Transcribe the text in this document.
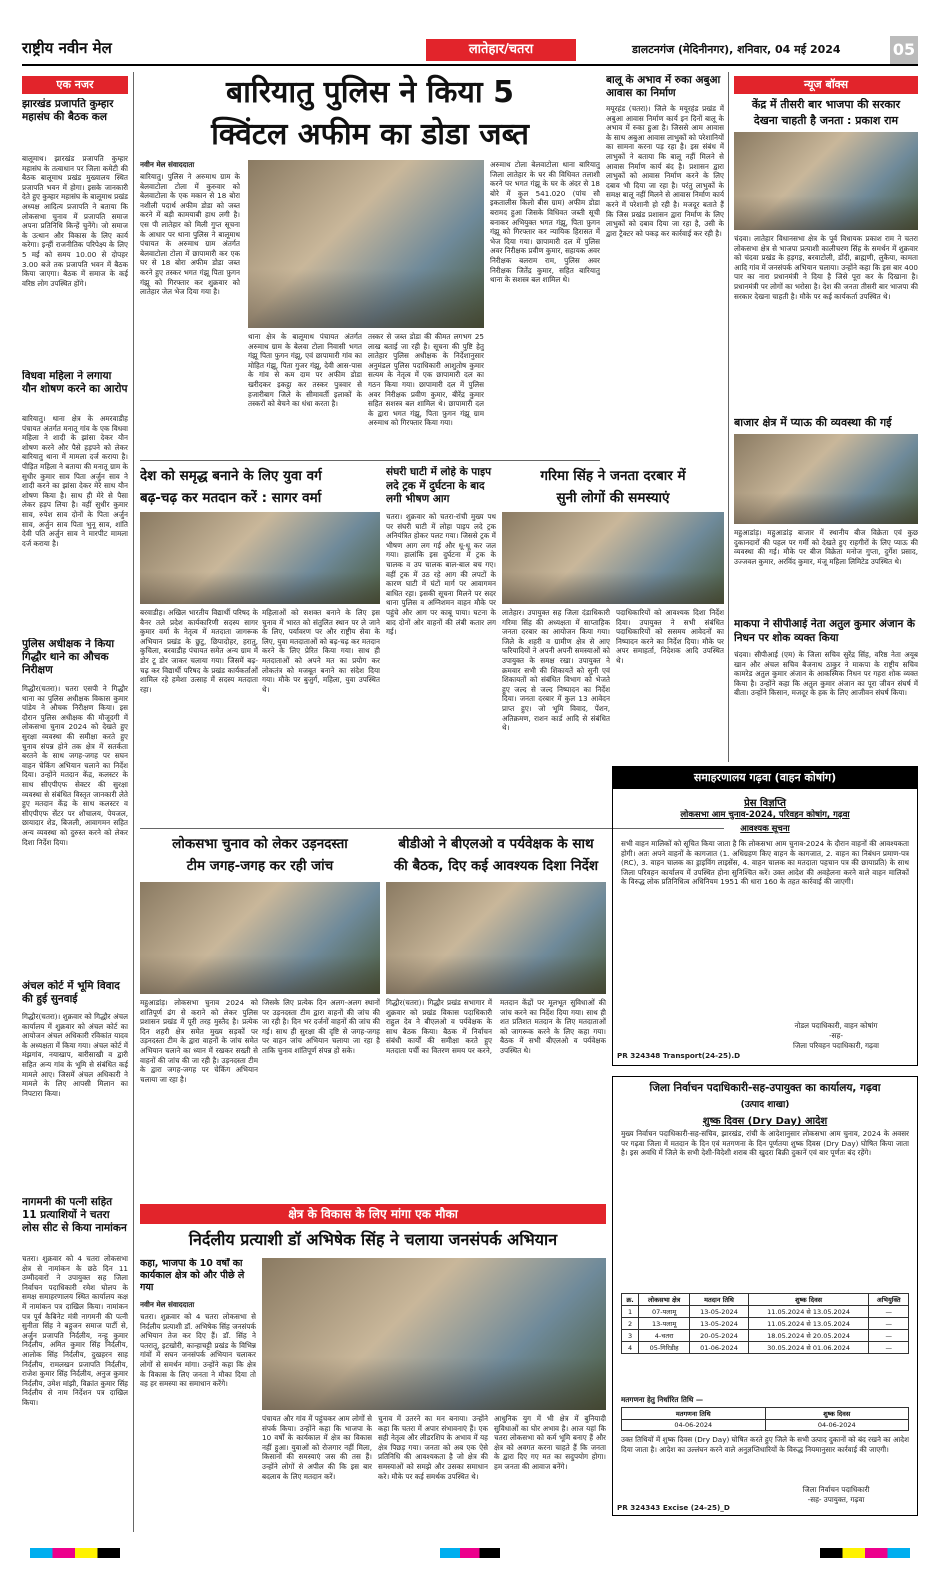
राष्ट्रीय नवीन मेल	लातेहार/चतरा	डालटनगंज (मेदिनीनगर), शनिवार, 04 मई 2024	05
एक नजर
झारखंड प्रजापति कुम्हार महासंघ की बैठक कल
बालूमाथ। झारखंड प्रजापति कुम्हार महासंघ के तत्वाधान पर जिला कमेटी की बैठक बालूमाथ प्रखंड मुख्यालय स्थित प्रजापति भवन में होगा। इसके जानकारी देते हुए कुम्हार महासंघ के बालूमाथ प्रखंड अध्यक्ष आदित्य प्रजापति ने बताया कि लोकसभा चुनाव में प्रजापति समाज अपना प्रतिनिधि किन्हें चुनेंगे। जो समाज के उत्थान और विकास के लिए कार्य करेगा। इन्हीं राजनीतिक परिपेक्ष्य के लिए 5 मई को समय 10.00 से दोपहर 3.00 बजे तक प्रजापति भवन में बैठक किया जाएगा। बैठक में समाज के कई वरिष्ठ लोग उपस्थित होंगे।
विधवा महिला ने लगाया यौन शोषण करने का आरोप
बारियातु। थाना क्षेत्र के अमरवाडीह पंचायत अंतर्गत मनातू गांव के एक विधवा महिला ने शादी के झांसा देकर यौन शोषण करने और पैसे हड़पने को लेकर बारियातु थाना में मामला दर्ज कराया है। पीड़ित महिला ने बताया की मनातू ग्राम के सुधीर कुमार साव पिता अर्जुन साव ने शादी करने का झांसा देकर मेरे साथ यौन शोषण किया है। साथ ही मेरे से पैसा लेकर हड़प लिया है। वहीं सुधीर कुमार साव, रुपेश साव दोनों के पिता अर्जुन साव, अर्जुन साव पिता भुनू साव, शांति देवी पति अर्जुन साव ने मारपीट मामला दर्ज कराया है।
पुलिस अधीक्षक ने किया गिद्धौर थाने का औचक निरीक्षण
गिद्धौर(चतरा)। चतरा एसपी ने गिद्धौर थाना का पुलिस अधीक्षक विकास कुमार पांडेय ने औचक निरीक्षण किया। इस दौरान पुलिस अधीक्षक की मौजूदगी में लोकसभा चुनाव 2024 को देखते हुए सुरक्षा व्यवस्था की समीक्षा करते हुए चुनाव संपन्न होने तक क्षेत्र में सतर्कता बरतने के साथ जगह-जगह पर सघन वाहन चेकिंग अभियान चलाने का निर्देश दिया। उन्होंने मतदान केंद्र, कलस्टर के साथ सीएपीएफ सेक्टर की सुरक्षा व्यवस्था से संबंधित विस्तृत जानकारी लेते हुए मतदान केंद्र के साथ कलस्टर व सीएपीएफ सेंटर पर शौचालय, पेयजल, छायादार शेड, बिजली, आवागमन सहित अन्य व्यवस्था को दुरुस्त करने को लेकर दिशा निर्देश दिया।
अंचल कोर्ट में भूमि विवाद की हुई सुनवाई
गिद्धौर(चतरा)। शुक्रवार को गिद्धौर अंचल कार्यालय में शुक्रवार को अंचल कोर्ट का आयोजन अंचल अधिकारी रविकांत यादव के अध्यक्षता में किया गया। अंचल कोर्ट में मंझगांव, नयाखाप, बारीसाखी व द्वारी सहित अन्य गांव के भूमि से संबंधित कई मामले आए। जिसमें अंचल अधिकारी ने मामले के लिए आपसी मिलान का निपटारा किया।
नागमनी की पत्नी सहित 11 प्रत्याशियों ने चतरा लोस सीट से किया नामांकन
चतरा। शुक्रवार को 4 चतरा लोकसभा क्षेत्र से नामांकन के छठे दिन 11 उम्मीदवारों ने उपायुक्त सह जिला निर्वाचन पदाधिकारी रमेश घोलप के समक्ष समाहरणालय स्थित कार्यालय कक्ष में नामांकन पत्र दाखिल किया। नामांकन पत्र पूर्व कैबिनेट मंत्री नागमनी की पत्नी सुनीता सिंह ने बहुजन समाज पार्टी से, अर्जुन प्रजापति निर्दलीय, नन्हू कुमार निर्दलीय, अमित कुमार सिंह निर्दलीय, आलोक सिंह निर्दलीय, दुखहरन साह निर्दलीय, रामलखन प्रजापति निर्दलीय, राजेश कुमार सिंह निर्दलीय, अनुज कुमार निर्दलीय, उमेश मांझी, विक्रांत कुमार सिंह निर्दलीय से नाम निर्देशन पत्र दाखिल किया।
बारियातु पुलिस ने किया 5
क्विंटल अफीम का डोडा जब्त
नवीन मेल संवाददाता
बारियातु। पुलिस ने अरुमाथ ग्राम के बेलवाटोला टोला में कुरुवार को बेलवाटोला के एक मकान से 18 बोरा नशीली पदार्थ अफीम डोडा को जब्त करने में बड़ी कामयाबी हाथ लगी है। एस पी लातेहार को मिली गुप्त सूचना के आधार पर थाना पुलिस ने बालूमाथ पंचायत के अरुमाथ ग्राम अंतर्गत बेलवाटोला टोला में छापामारी कर एक घर से 18 बोरा अफीम डोडा जब्त करने हुए तस्कर भगत गंझू पिता फ़ुगन गंझू को गिरफ्तार कर शुक्रवार को लातेहार जेल भेज दिया गया है।
थाना क्षेत्र के बालूमाथ पंचायत अंतर्गत अरुमाथ ग्राम के बेलवा टोला निवासी भगत गंझू पिता फुगन गंझू, एवं छापामारी गांव का मोहित गंझू, पिता गुजर गंझू, देवी आस-पास के गांव से कम दाम पर अफीम डोडा खरीदकर इकट्ठा कर तस्कर पुत्रवार से हजारीबाग जिले के सीमावर्ती इलाकों के तस्करों को बेचने का धंधा करता है।
तस्कर से जब्त डोडा की कीमत लगभग 25 लाख बताई जा रही है। सूचना की पुष्टि हेतु लातेहार पुलिस अधीक्षक के निर्देशानुसार अनुमंडल पुलिस पदाधिकारी आशुतोष कुमार सत्यम के नेतृत्व में एक छापामारी दल का गठन किया गया। छापामारी दल में पुलिस अवर निरीक्षक प्रवीण कुमार, बीरेंद्र कुमार सहित सशस्त्र बल शामिल थे। छापामारी दल के द्वारा भगत गंझू, पिता फ़ुगन गंझू ग्राम अरुमाथ को गिरफ्तार किया गया।
अरुमाथ टोला बेलवाटोला थाना बारियातु जिला लातेहार के घर की विधिवत तलाशी करने पर भगत गंझू के घर के अंदर से 18 बोरे में कुल 541.020 (पांच सौ इकतालीस किलो बीस ग्राम) अफीम डोडा बरामद हुआ जिसके विधिवत जब्ती सूची बनाकर अभियुक्त भगत गंझू, पिता फ़ुगन गंझू को गिरफ्तार कर न्यायिक हिरासत में भेज दिया गया। छापामारी दल में पुलिस अवर निरीक्षक प्रवीण कुमार, सहायक अवर निरीक्षक बलराम राम, पुलिस अवर निरीक्षक जितेंद्र कुमार, सहित बारियातु थाना के सशस्त्र बल शामिल थे।
बालू के अभाव में रुका अबुआ आवास का निर्माण
मयूरहंड (चतरा)। जिले के मयूरहंड प्रखंड में अबुआ आवास निर्माण कार्य इन दिनों बालू के अभाव में रुका हुआ है। जिससे आम आवास के साथ अबुआ आवास लाभुकों को परेशानियों का सामना करना पड़ रहा है। इस संबंध में लाभुकों ने बताया कि बालू नहीं मिलने से आवास निर्माण कार्य बंद है। प्रशासन द्वारा लाभुकों को आवास निर्माण करने के लिए दबाव भी दिया जा रहा है। परंतु लाभुकों के समक्ष बालू नहीं मिलने से आवास निर्माण कार्य करने में परेशानी हो रही है। मजदूर बताते हैं कि जिस प्रखंड प्रशासन द्वारा निर्माण के लिए लाभुकों को दबाव दिया जा रहा है, उसी के द्वारा ट्रैक्टर को पकड़ कर कार्रवाई कर रही है।
देश को समृद्ध बनाने के लिए युवा वर्ग
बढ़-चढ़ कर मतदान करें : सागर वर्मा
बरवाडीह। अखिल भारतीय विद्यार्थी परिषद के बैनर तले प्रदेश कार्यकारिणी सदस्य सागर कुमार वर्मा के नेतृत्व में मतदाता जागरूक अभियान प्रखंड के छुटु, छिपादोहर, हरातु, कुचिला, बरवाडीह पंचायत समेत अन्य ग्राम में डोर टू डोर जाकर चलाया गया। जिसमें बढ़-चढ़ कर विद्यार्थी परिषद के प्रखंड कार्यकर्ताओं शामिल रहे हमेशा उत्साह में सदस्य मतदाता रहा।
महिलाओं को सशक्त बनाने के लिए इस चुनाव में भारत को संतुलित स्थान पर ले जाने के लिए, पर्यावरण पर और राष्ट्रीय सेवा के लिए, युवा मतदाताओं को बढ़-चढ़ कर मतदान करने के लिए प्रेरित किया गया। साथ ही मतदाताओं को अपने मत का प्रयोग कर लोकतंत्र को मजबूत बनाने का संदेश दिया गया। मौके पर बुजुर्ग, महिला, युवा उपस्थित थे।
संघरी घाटी में लोहे के पाइप लदे ट्रक में दुर्घटना के बाद लगी भीषण आग
चतरा। शुक्रवार को चतरा-रांची मुख्य पथ पर संघरी घाटी में लोहा पाइप लदे ट्रक अनियंत्रित होकर पलट गया। जिससे ट्रक में भीषण आग लग गई और धू-धू कर जल गया। हालांकि इस दुर्घटना में ट्रक के चालक व उप चालक बाल-बाल बच गए। वहीं ट्रक में उठ रहे आग की लपटों के कारण घाटी में घंटों मार्ग पर आवागमन बाधित रहा। इसकी सूचना मिलने पर सदर थाना पुलिस व अग्निशमन वाहन मौके पर पहुंचे और आग पर काबू पाया। घटना के बाद दोनों ओर वाहनों की लंबी कतार लग गई।
गरिमा सिंह ने जनता दरबार में
सुनी लोगों की समस्याएं
लातेहार। उपायुक्त सह जिला दंडाधिकारी गरिमा सिंह की अध्यक्षता में साप्ताहिक जनता दरबार का आयोजन किया गया। जिले के शहरी व ग्रामीण क्षेत्र से आए फरियादियों ने अपनी अपनी समस्याओं को उपायुक्त के समक्ष रखा। उपायुक्त ने क्रमवार सभी की शिकायतें को सुनी एवं शिकायतों को संबंधित विभाग को भेजते हुए जल्द से जल्द निष्पादन का निर्देश दिया। जनता दरबार में कुल 13 आवेदन प्राप्त हुए। जो भूमि विवाद, पेंशन, अतिक्रमण, राशन कार्ड आदि से संबंधित थे।
पदाधिकारियों को आवश्यक दिशा निर्देश दिया। उपायुक्त ने सभी संबंधित पदाधिकारियों को ससमय आवेदनों का निष्पादन करने का निर्देश दिया। मौके पर अपर समाहर्ता, निदेशक आदि उपस्थित थे।
लोकसभा चुनाव को लेकर उड़नदस्ता
टीम जगह-जगह कर रही जांच
महुआडांड़। लोकसभा चुनाव 2024 को शांतिपूर्ण ढंग से कराने को लेकर पुलिस प्रशासन प्रखंड में पूरी तरह मुस्तैद है। प्रत्येक दिन शहरी क्षेत्र समेत मुख्य सड़कों पर उड़नदस्ता टीम के द्वारा वाहनों के जांच समेत अभियान चलाने का ध्यान में रखकर सख्ती से वाहनों की जांच की जा रही है। उड़नदस्ता टीम के द्वारा जगह-जगह पर चेकिंग अभियान चलाया जा रहा है।
जिसके लिए प्रत्येक दिन अलग-अलग स्थानों पर उड़नदस्ता टीम द्वारा वाहनों की जांच की जा रही है। दिन भर दर्जनों वाहनों की जांच की गई। साथ ही सुरक्षा की दृष्टि से जगह-जगह पर वाहन जांच अभियान चलाया जा रहा है ताकि चुनाव शांतिपूर्ण संपन्न हो सके।
बीडीओ ने बीएलओ व पर्यवेक्षक के साथ
की बैठक, दिए कई आवश्यक दिशा निर्देश
गिद्धौर(चतरा)। गिद्धौर प्रखंड सभागार में शुक्रवार को प्रखंड विकास पदाधिकारी राहुल देव ने बीएलओ व पर्यवेक्षक के साथ बैठक किया। बैठक में निर्वाचन संबंधी कार्यों की समीक्षा करते हुए मतदाता पर्ची का वितरण समय पर करने, मतदान केंद्रों पर मूलभूत सुविधाओं की जांच करने का निर्देश दिया गया। साथ ही शत प्रतिशत मतदान के लिए मतदाताओं को जागरूक करने के लिए कहा गया। बैठक में सभी बीएलओ व पर्यवेक्षक उपस्थित थे।
न्यूज बॉक्स
केंद्र में तीसरी बार भाजपा की सरकार
देखना चाहती है जनता : प्रकाश राम
चंदवा। लातेहार विधानसभा क्षेत्र के पूर्व विधायक प्रकाश राम ने चतरा लोकसभा क्षेत्र से भाजपा प्रत्याशी कालीचरण सिंह के समर्थन में शुक्रवार को चंदवा प्रखंड के हड़गड़, बरवाटोली, डोंदी, ब्राह्मणी, लुकैया, कामता आदि गांव में जनसंपर्क अभियान चलाया। उन्होंने कहा कि इस बार 400 पार का नारा प्रधानमंत्री ने दिया है जिसे पूरा कर के दिखाना है। प्रधानमंत्री पर लोगों का भरोसा है। देश की जनता तीसरी बार भाजपा की सरकार देखना चाहती है। मौके पर कई कार्यकर्ता उपस्थित थे।
बाजार क्षेत्र में प्याऊ की व्यवस्था की गई
महुआडांड़। महुआडांड़ बाजार में स्थानीय बीज विक्रेता एवं कुछ दुकानदारों की पहल पर गर्मी को देखते हुए राहगीरों के लिए प्याऊ की व्यवस्था की गई। मौके पर बीज विक्रेता मनोज गुप्ता, दुर्गेश प्रसाद, उज्जवल कुमार, अरविंद कुमार, मंजू महिला लिमिटेड उपस्थित थे।
माकपा ने सीपीआई नेता अतुल कुमार अंजान के निधन पर शोक व्यक्त किया
चंदवा। सीपीआई (एम) के जिला सचिव सुरेंद्र सिंह, वरिष्ठ नेता अयूब खान और अंचल सचिव बैजनाथ ठाकुर ने माकपा के राष्ट्रीय सचिव कामरेड अतुल कुमार अंजान के आकस्मिक निधन पर गहरा शोक व्यक्त किया है। उन्होंने कहा कि अतुल कुमार अंजान का पूरा जीवन संघर्ष में बीता। उन्होंने किसान, मजदूर के हक के लिए आजीवन संघर्ष किया।
समाहरणालय गढ़वा (वाहन कोषांग)
प्रेस विज्ञप्ति
लोकसभा आम चुनाव-2024, परिवहन कोषांग, गढ़वा
आवश्यक सूचना
सभी वाहन मालिकों को सूचित किया जाता है कि लोकसभा आम चुनाव-2024 के दौरान वाहनों की आवश्यकता होगी। अतः अपने वाहनों के कागजात (1. अधिग्रहण किए वाहन के कागजात, 2. वाहन का निबंधन प्रमाण-पत्र (RC), 3. वाहन चालक का ड्राइविंग लाइसेंस, 4. वाहन चालक का मतदाता पहचान पत्र की छायाप्रति) के साथ जिला परिवहन कार्यालय में उपस्थित होना सुनिश्चित करें। उक्त आदेश की अवहेलना करने वाले वाहन मालिकों के विरुद्ध लोक प्रतिनिधित्व अधिनियम 1951 की धारा 160 के तहत कार्रवाई की जाएगी।
नोडल पदाधिकारी, वाहन कोषांग
-सह-
जिला परिवहन पदाधिकारी, गढ़वा
PR 324348 Transport(24-25).D
जिला निर्वाचन पदाधिकारी-सह-उपायुक्त का कार्यालय, गढ़वा
(उत्पाद शाखा)
शुष्क दिवस (Dry Day) आदेश
मुख्य निर्वाचन पदाधिकारी-सह-सचिव, झारखंड, रांची के आदेशानुसार लोकसभा आम चुनाव, 2024 के अवसर पर गढ़वा जिला में मतदान के दिन एवं मतगणना के दिन पूर्णतया शुष्क दिवस (Dry Day) घोषित किया जाता है। इस अवधि में जिले के सभी देशी-विदेशी शराब की खुदरा बिक्री दुकानें एवं बार पूर्णतः बंद रहेंगे।
क्र.	लोकसभा क्षेत्र	मतदान तिथि	शुष्क दिवस	अभियुक्ति
1	07-पलामू	13-05-2024	11.05.2024 से 13.05.2024	—
2	13-पलामू	13-05-2024	11.05.2024 से 13.05.2024	—
3	4-चतरा	20-05-2024	18.05.2024 से 20.05.2024	—
4	05-गिरिडीह	01-06-2024	30.05.2024 से 01.06.2024	—
मतगणना हेतु निर्धारित तिथि —
मतगणना तिथि	शुष्क दिवस
04-06-2024	04-06-2024
उक्त तिथियों में शुष्क दिवस (Dry Day) घोषित करते हुए जिले के सभी उत्पाद दुकानों को बंद रखने का आदेश दिया जाता है। आदेश का उल्लंघन करने वाले अनुज्ञप्तिधारियों के विरुद्ध नियमानुसार कार्रवाई की जाएगी।
जिला निर्वाचन पदाधिकारी
-सह- उपायुक्त, गढ़वा
PR 324343 Excise (24-25)_D
क्षेत्र के विकास के लिए मांगा एक मौका
निर्दलीय प्रत्याशी डॉ अभिषेक सिंह ने चलाया जनसंपर्क अभियान
कहा, भाजपा के 10 वर्षों का कार्यकाल क्षेत्र को और पीछे ले गया
नवीन मेल संवाददाता
चतरा। शुक्रवार को 4 चतरा लोकसभा से निर्दलीय प्रत्याशी डॉ. अभिषेक सिंह जनसंपर्क अभियान तेज कर दिए हैं। डॉ. सिंह ने पतरातू, इटखोरी, कान्हाचट्टी प्रखंड के विभिन्न गांवों में सघन जनसंपर्क अभियान चलाकर लोगों से समर्थन मांगा। उन्होंने कहा कि क्षेत्र के विकास के लिए जनता ने मौका दिया तो वह हर समस्या का समाधान करेंगे।
पंचायत और गांव में पहुंचकर आम लोगों से संपर्क किया। उन्होंने कहा कि भाजपा के 10 वर्षों के कार्यकाल में क्षेत्र का विकास नहीं हुआ। युवाओं को रोजगार नहीं मिला, किसानों की समस्याएं जस की तस हैं। उन्होंने लोगों से अपील की कि इस बार बदलाव के लिए मतदान करें।
चुनाव में उतरने का मन बनाया। उन्होंने कहा कि चतरा में अपार संभावनाएं हैं। एक सही नेतृत्व और लीडरशिप के अभाव में यह क्षेत्र पिछड़ गया। जनता को अब एक ऐसे प्रतिनिधि की आवश्यकता है जो क्षेत्र की समस्याओं को समझे और उसका समाधान करे। मौके पर कई समर्थक उपस्थित थे।
आधुनिक युग में भी क्षेत्र में बुनियादी सुविधाओं का घोर अभाव है। आज यहां कि चतरा लोकसभा को कर्म भूमि बनाए हैं और क्षेत्र को अवगत करना चाहते हैं कि जनता के द्वारा दिए गए मत का सदुपयोग होगा। हम जनता की आवाज बनेंगे।
